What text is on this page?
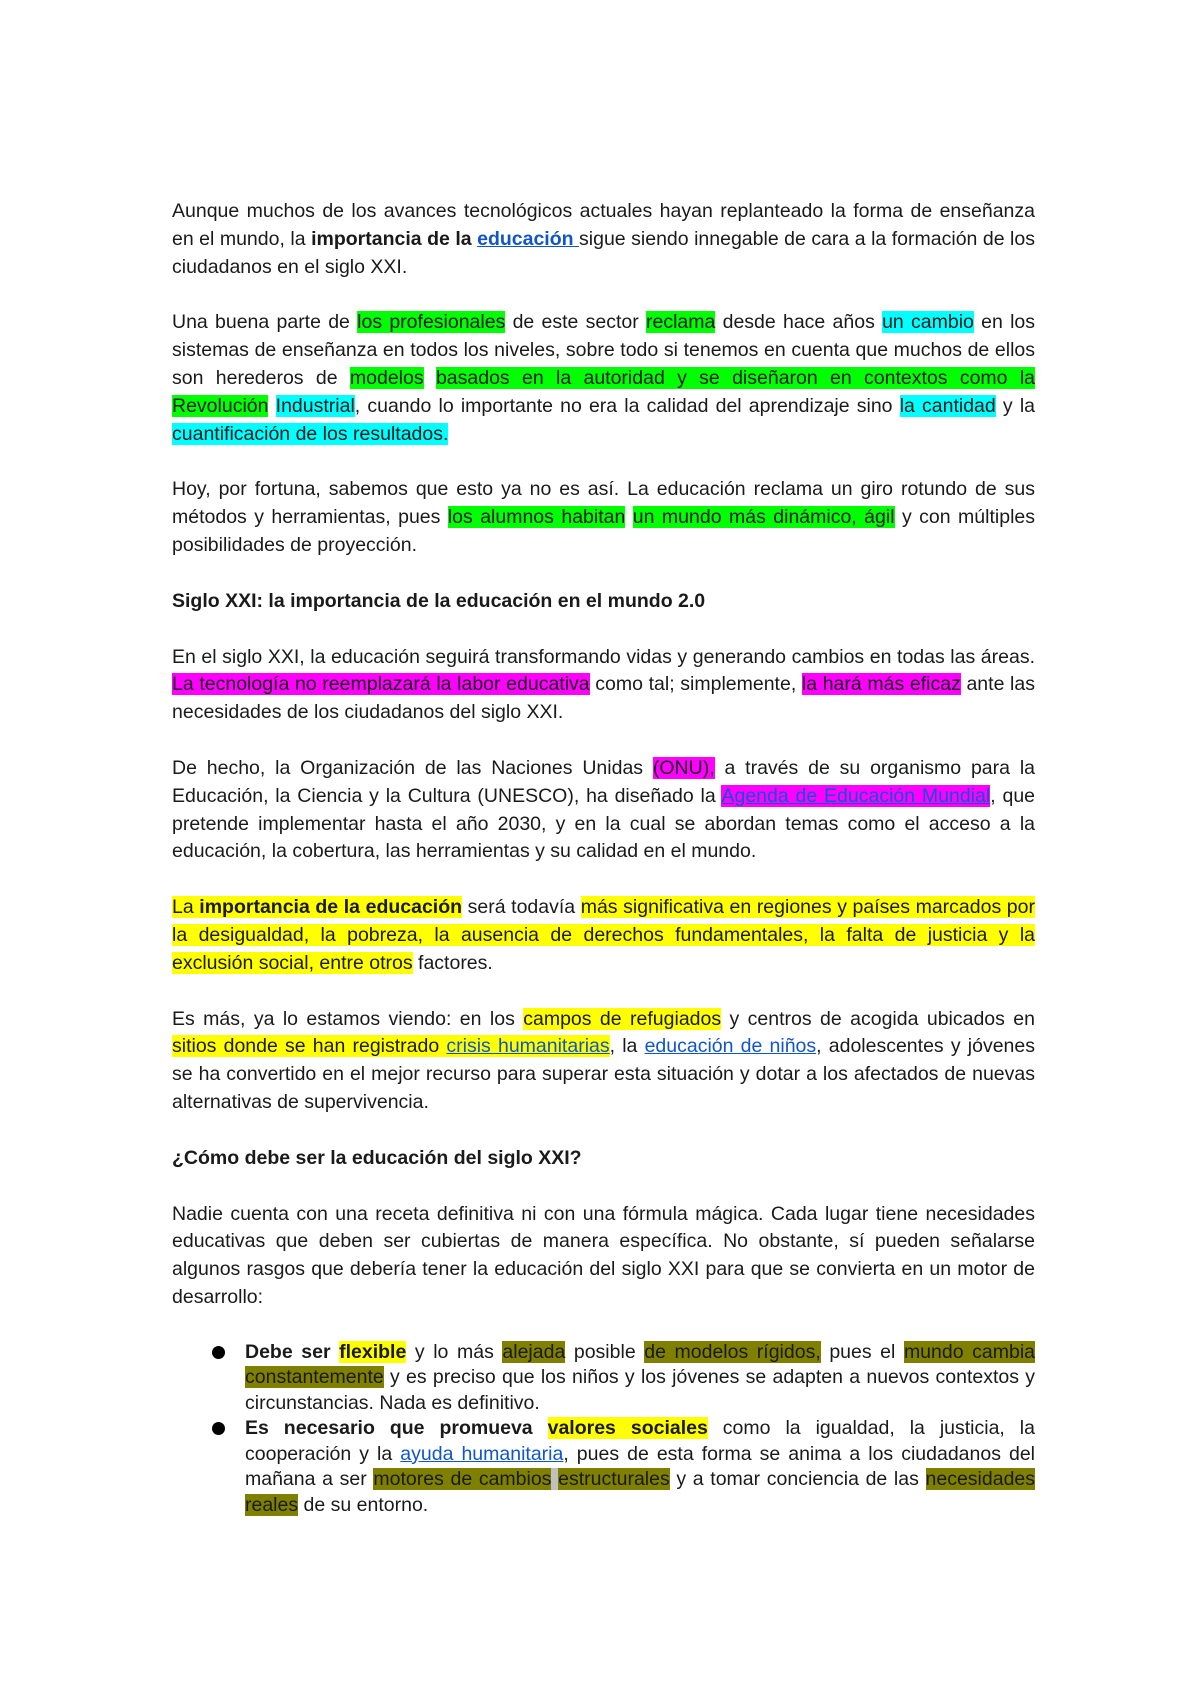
Aunque muchos de los avances tecnológicos actuales hayan replanteado la forma de enseñanza en el mundo, la importancia de la educación sigue siendo innegable de cara a la formación de los ciudadanos en el siglo XXI.

Una buena parte de los profesionales de este sector reclama desde hace años un cambio en los sistemas de enseñanza en todos los niveles, sobre todo si tenemos en cuenta que muchos de ellos son herederos de modelos basados en la autoridad y se diseñaron en contextos como la Revolución Industrial, cuando lo importante no era la calidad del aprendizaje sino la cantidad y la cuantificación de los resultados.

Hoy, por fortuna, sabemos que esto ya no es así. La educación reclama un giro rotundo de sus métodos y herramientas, pues los alumnos habitan un mundo más dinámico, ágil y con múltiples posibilidades de proyección.

Siglo XXI: la importancia de la educación en el mundo 2.0

En el siglo XXI, la educación seguirá transformando vidas y generando cambios en todas las áreas. La tecnología no reemplazará la labor educativa como tal; simplemente, la hará más eficaz ante las necesidades de los ciudadanos del siglo XXI.

De hecho, la Organización de las Naciones Unidas (ONU), a través de su organismo para la Educación, la Ciencia y la Cultura (UNESCO), ha diseñado la Agenda de Educación Mundial, que pretende implementar hasta el año 2030, y en la cual se abordan temas como el acceso a la educación, la cobertura, las herramientas y su calidad en el mundo.

La importancia de la educación será todavía más significativa en regiones y países marcados por la desigualdad, la pobreza, la ausencia de derechos fundamentales, la falta de justicia y la exclusión social, entre otros factores.

Es más, ya lo estamos viendo: en los campos de refugiados y centros de acogida ubicados en sitios donde se han registrado crisis humanitarias, la educación de niños, adolescentes y jóvenes se ha convertido en el mejor recurso para superar esta situación y dotar a los afectados de nuevas alternativas de supervivencia.

¿Cómo debe ser la educación del siglo XXI?

Nadie cuenta con una receta definitiva ni con una fórmula mágica. Cada lugar tiene necesidades educativas que deben ser cubiertas de manera específica. No obstante, sí pueden señalarse algunos rasgos que debería tener la educación del siglo XXI para que se convierta en un motor de desarrollo:

Debe ser flexible y lo más alejada posible de modelos rígidos, pues el mundo cambia constantemente y es preciso que los niños y los jóvenes se adapten a nuevos contextos y circunstancias. Nada es definitivo.
Es necesario que promueva valores sociales como la igualdad, la justicia, la cooperación y la ayuda humanitaria, pues de esta forma se anima a los ciudadanos del mañana a ser motores de cambios estructurales y a tomar conciencia de las necesidades reales de su entorno.
